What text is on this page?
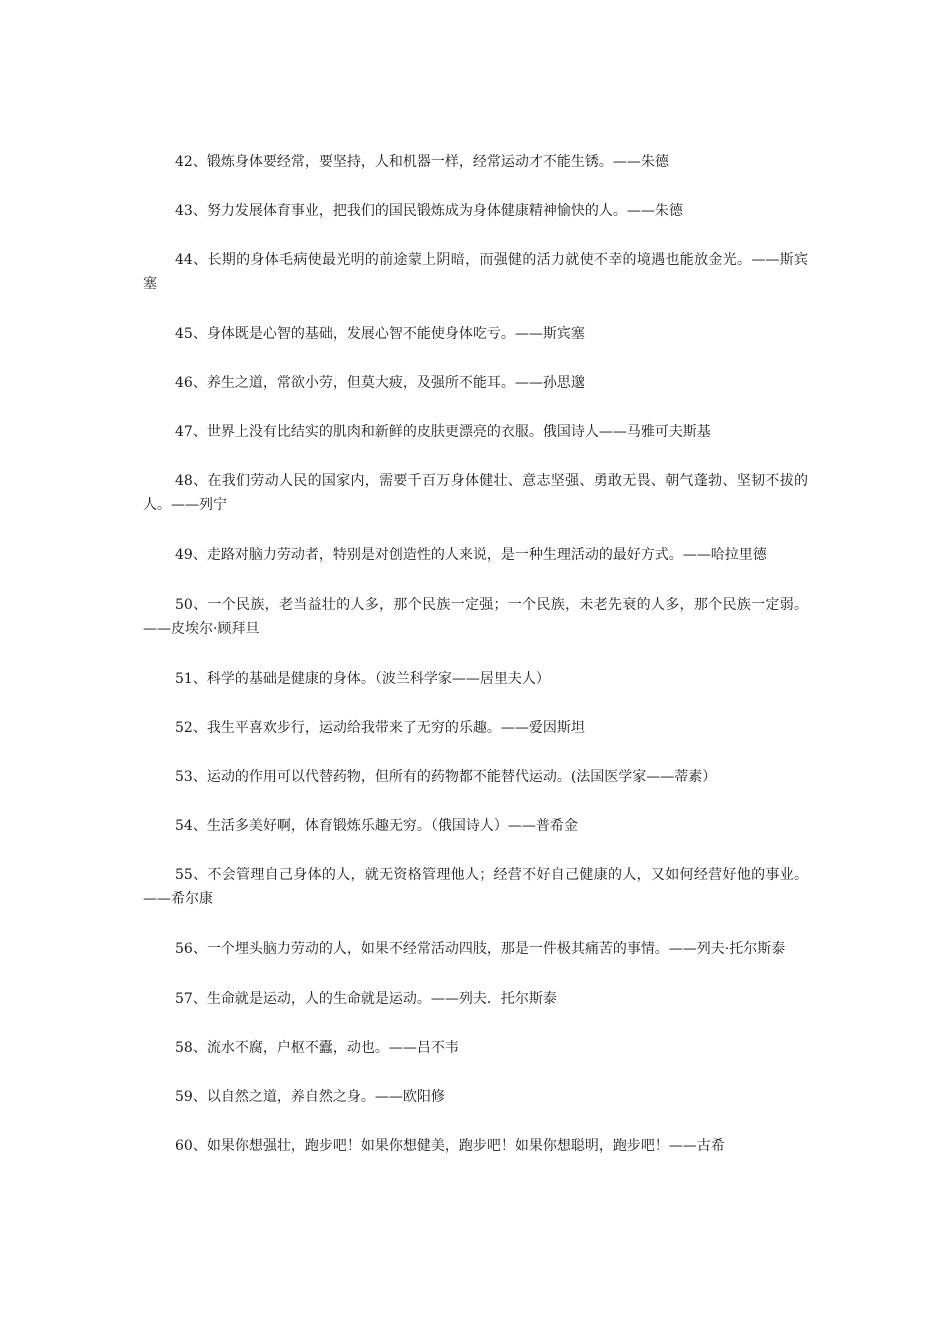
42、锻炼身体要经常，要坚持，人和机器一样，经常运动才不能生锈。——朱德

43、努力发展体育事业，把我们的国民锻炼成为身体健康精神愉快的人。——朱德

44、长期的身体毛病使最光明的前途蒙上阴暗，而强健的活力就使不幸的境遇也能放金光。——斯宾塞

45、身体既是心智的基础，发展心智不能使身体吃亏。——斯宾塞

46、养生之道，常欲小劳，但莫大疲，及强所不能耳。——孙思邈

47、世界上没有比结实的肌肉和新鲜的皮肤更漂亮的衣服。俄国诗人——马雅可夫斯基

48、在我们劳动人民的国家内，需要千百万身体健壮、意志坚强、勇敢无畏、朝气蓬勃、坚韧不拔的人。——列宁

49、走路对脑力劳动者，特别是对创造性的人来说，是一种生理活动的最好方式。——哈拉里德

50、一个民族，老当益壮的人多，那个民族一定强；一个民族，未老先衰的人多，那个民族一定弱。——皮埃尔·顾拜旦

51、科学的基础是健康的身体。（波兰科学家——居里夫人）

52、我生平喜欢步行，运动给我带来了无穷的乐趣。——爱因斯坦

53、运动的作用可以代替药物，但所有的药物都不能替代运动。(法国医学家——蒂素）

54、生活多美好啊，体育锻炼乐趣无穷。（俄国诗人）——普希金

55、不会管理自己身体的人，就无资格管理他人；经营不好自己健康的人，又如何经营好他的事业。——希尔康

56、一个埋头脑力劳动的人，如果不经常活动四肢，那是一件极其痛苦的事情。——列夫·托尔斯泰

57、生命就是运动，人的生命就是运动。——列夫．托尔斯泰

58、流水不腐，户枢不蠹，动也。——吕不韦

59、以自然之道，养自然之身。——欧阳修

60、如果你想强壮，跑步吧！如果你想健美，跑步吧！如果你想聪明，跑步吧！——古希
